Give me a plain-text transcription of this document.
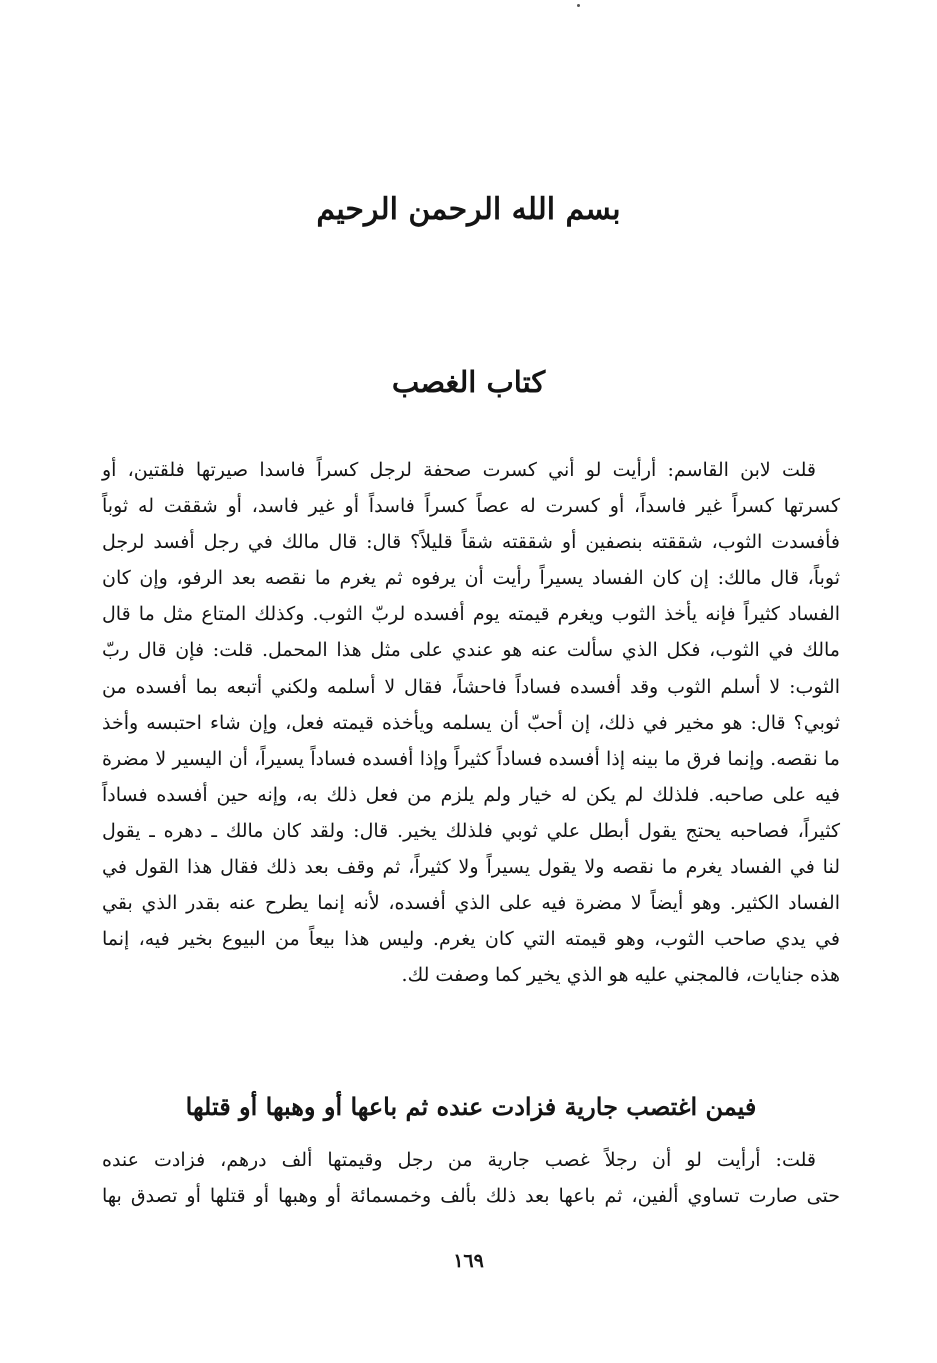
بسم الله الرحمن الرحيم
كتاب الغصب
قلت لابن القاسم: أرأيت لو أني كسرت صحفة لرجل كسراً فاسدا صيرتها فلقتين، أو
كسرتها كسراً غير فاسداً، أو كسرت له عصاً كسراً فاسداً أو غير فاسد، أو شققت له ثوباً
فأفسدت الثوب، شققته بنصفين أو شققته شقاً قليلاً؟ قال: قال مالك في رجل أفسد لرجل
ثوباً، قال مالك: إن كان الفساد يسيراً رأيت أن يرفوه ثم يغرم ما نقصه بعد الرفو، وإن كان
الفساد كثيراً فإنه يأخذ الثوب ويغرم قيمته يوم أفسده لربّ الثوب. وكذلك المتاع مثل ما قال
مالك في الثوب، فكل الذي سألت عنه هو عندي على مثل هذا المحمل. قلت: فإن قال ربّ
الثوب: لا أسلم الثوب وقد أفسده فساداً فاحشاً، فقال لا أسلمه ولكني أتبعه بما أفسده من
ثوبي؟ قال: هو مخير في ذلك، إن أحبّ أن يسلمه ويأخذه قيمته فعل، وإن شاء احتبسه وأخذ
ما نقصه. وإنما فرق ما بينه إذا أفسده فساداً كثيراً وإذا أفسده فساداً يسيراً، أن اليسير لا مضرة
فيه على صاحبه. فلذلك لم يكن له خيار ولم يلزم من فعل ذلك به، وإنه حين أفسده فساداً
كثيراً، فصاحبه يحتج يقول أبطل علي ثوبي فلذلك يخير. قال: ولقد كان مالك ـ دهره ـ يقول
لنا في الفساد يغرم ما نقصه ولا يقول يسيراً ولا كثيراً، ثم وقف بعد ذلك فقال هذا القول في
الفساد الكثير. وهو أيضاً لا مضرة فيه على الذي أفسده، لأنه إنما يطرح عنه بقدر الذي بقي
في يدي صاحب الثوب، وهو قيمته التي كان يغرم. وليس هذا بيعاً من البيوع بخير فيه، إنما
هذه جنايات، فالمجني عليه هو الذي يخير كما وصفت لك.
فيمن اغتصب جارية فزادت عنده ثم باعها أو وهبها أو قتلها
قلت: أرأيت لو أن رجلاً غصب جارية من رجل وقيمتها ألف درهم، فزادت عنده
حتى صارت تساوي ألفين، ثم باعها بعد ذلك بألف وخمسمائة أو وهبها أو قتلها أو تصدق بها
١٦٩
